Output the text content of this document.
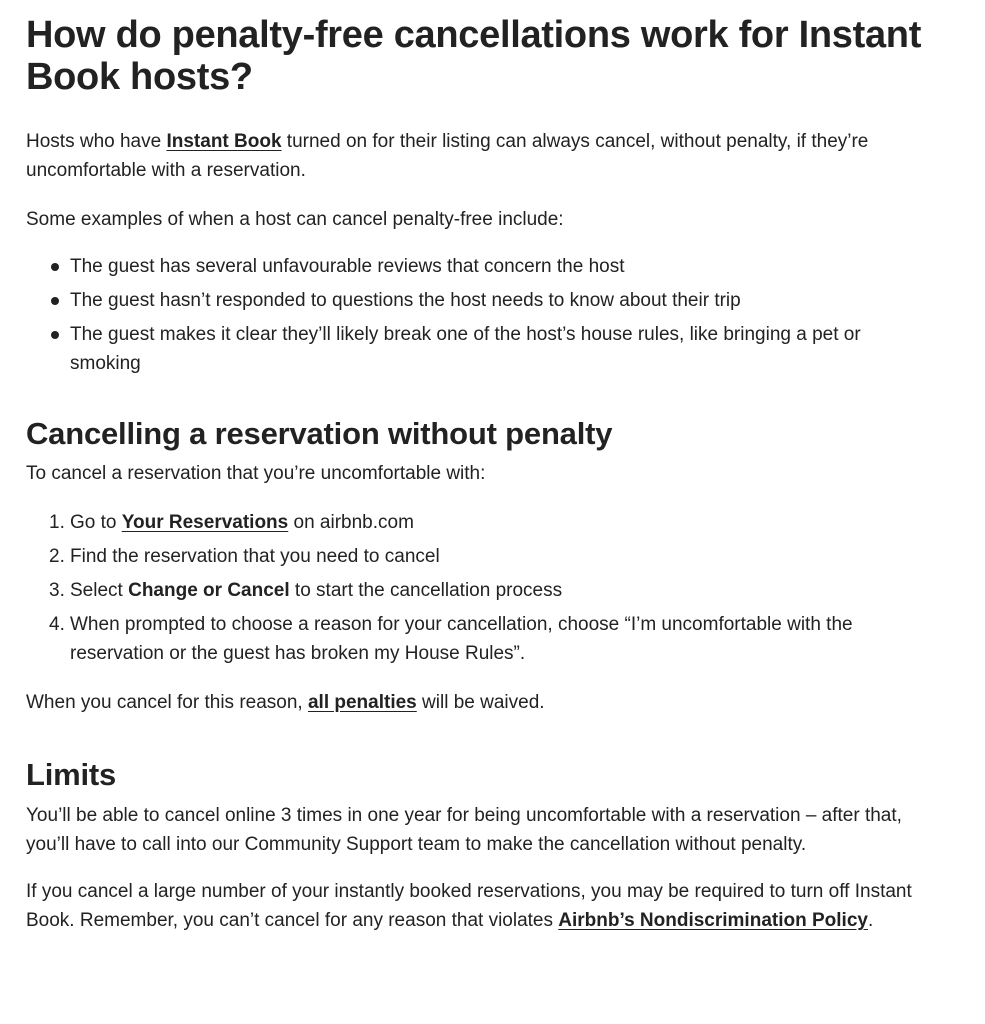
How do penalty-free cancellations work for Instant Book hosts?

Hosts who have Instant Book turned on for their listing can always cancel, without penalty, if they’re uncomfortable with a reservation.

Some examples of when a host can cancel penalty-free include:

The guest has several unfavourable reviews that concern the host
The guest hasn’t responded to questions the host needs to know about their trip
The guest makes it clear they’ll likely break one of the host’s house rules, like bringing a pet or smoking
Cancelling a reservation without penalty

To cancel a reservation that you’re uncomfortable with:

1. Go to Your Reservations on airbnb.com
2. Find the reservation that you need to cancel
3. Select Change or Cancel to start the cancellation process
4. When prompted to choose a reason for your cancellation, choose “I’m uncomfortable with the reservation or the guest has broken my House Rules”.

When you cancel for this reason, all penalties will be waived.

Limits

You’ll be able to cancel online 3 times in one year for being uncomfortable with a reservation – after that, you’ll have to call into our Community Support team to make the cancellation without penalty.

If you cancel a large number of your instantly booked reservations, you may be required to turn off Instant Book. Remember, you can’t cancel for any reason that violates Airbnb’s Nondiscrimination Policy.
